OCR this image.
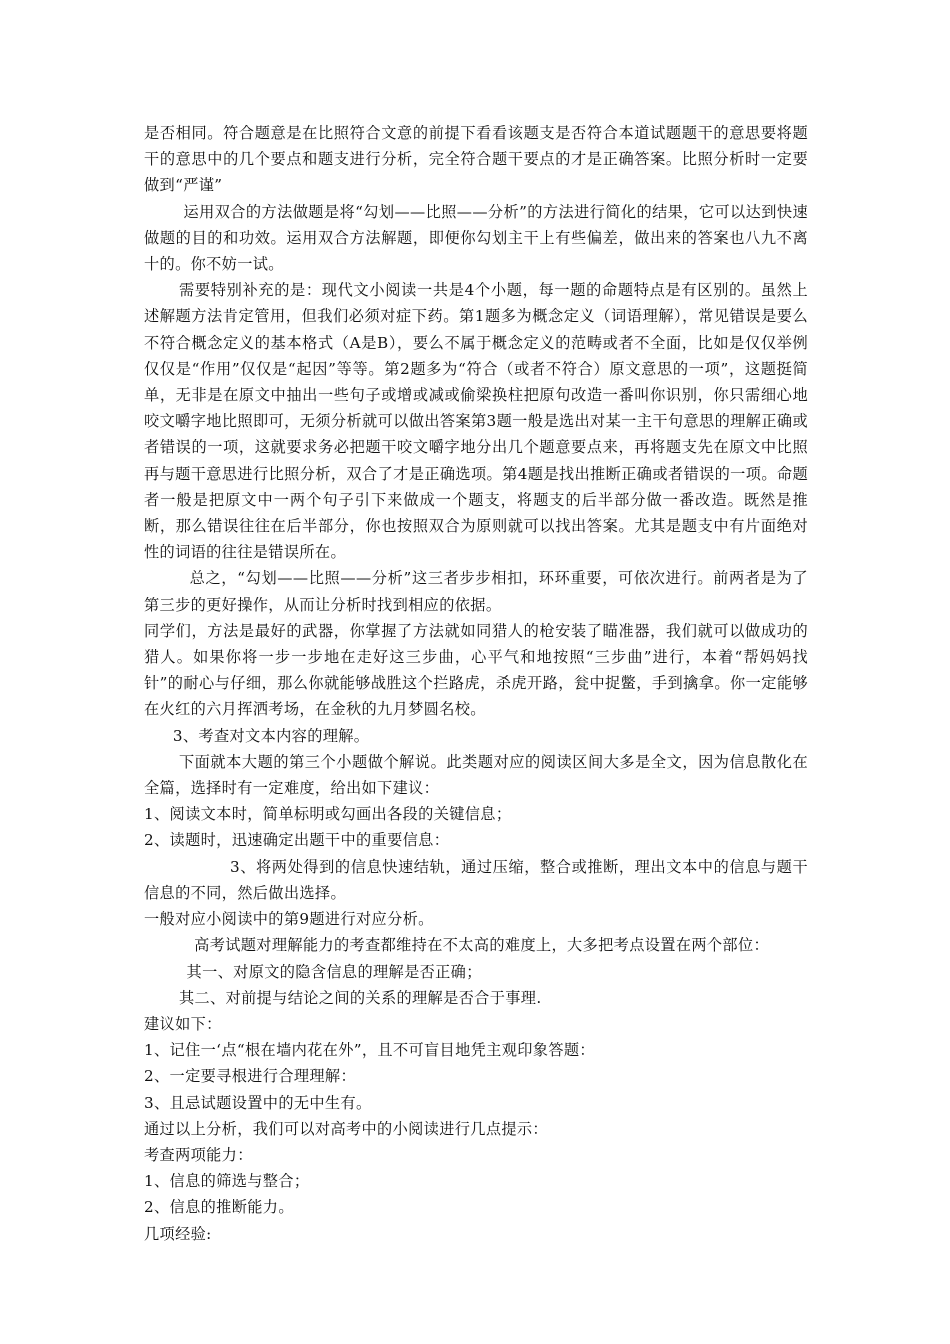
是否相同。符合题意是在比照符合文意的前提下看看该题支是否符合本道试题题干的意思要将题干的意思中的几个要点和题支进行分析，完全符合题干要点的才是正确答案。比照分析时一定要做到“严谨”

运用双合的方法做题是将“勾划——比照——分析”的方法进行简化的结果，它可以达到快速做题的目的和功效。运用双合方法解题，即便你勾划主干上有些偏差，做出来的答案也八九不离十的。你不妨一试。

需要特别补充的是：现代文小阅读一共是4个小题，每一题的命题特点是有区别的。虽然上述解题方法肯定管用，但我们必须对症下药。第1题多为概念定义（词语理解），常见错误是要么不符合概念定义的基本格式（A是B），要么不属于概念定义的范畴或者不全面，比如是仅仅举例仅仅是“作用”仅仅是“起因”等等。第2题多为“符合（或者不符合）原文意思的一项”，这题挺简单，无非是在原文中抽出一些句子或增或减或偷梁换柱把原句改造一番叫你识别，你只需细心地咬文嚼字地比照即可，无须分析就可以做出答案第3题一般是选出对某一主干句意思的理解正确或者错误的一项，这就要求务必把题干咬文嚼字地分出几个题意要点来，再将题支先在原文中比照再与题干意思进行比照分析，双合了才是正确选项。第4题是找出推断正确或者错误的一项。命题者一般是把原文中一两个句子引下来做成一个题支，将题支的后半部分做一番改造。既然是推断，那么错误往往在后半部分，你也按照双合为原则就可以找出答案。尤其是题支中有片面绝对性的词语的往往是错误所在。

总之，“勾划——比照——分析”这三者步步相扣，环环重要，可依次进行。前两者是为了第三步的更好操作，从而让分析时找到相应的依据。

同学们，方法是最好的武器，你掌握了方法就如同猎人的枪安装了瞄准器，我们就可以做成功的猎人。如果你将一步一步地在走好这三步曲，心平气和地按照“三步曲”进行，本着“帮妈妈找针”的耐心与仔细，那么你就能够战胜这个拦路虎，杀虎开路，瓮中捉鳖，手到擒拿。你一定能够在火红的六月挥洒考场，在金秋的九月梦圆名校。

3、考查对文本内容的理解。

下面就本大题的第三个小题做个解说。此类题对应的阅读区间大多是全文，因为信息散化在全篇，选择时有一定难度，给出如下建议：

1、阅读文本时，简单标明或勾画出各段的关键信息；

2、读题时，迅速确定出题干中的重要信息：

3、将两处得到的信息快速结轨，通过压缩，整合或推断，理出文本中的信息与题干信息的不同，然后做出选择。

一般对应小阅读中的第9题进行对应分析。

高考试题对理解能力的考查都维持在不太高的难度上，大多把考点设置在两个部位：

其一、对原文的隐含信息的理解是否正确；

其二、对前提与结论之间的关系的理解是否合于事理.

建议如下：

1、记住一‘点“根在墙内花在外”，且不可盲目地凭主观印象答题：

2、一定要寻根进行合理理解：

3、且忌试题设置中的无中生有。

通过以上分析，我们可以对高考中的小阅读进行几点提示：

考查两项能力：

1、信息的筛选与整合；

2、信息的推断能力。

几项经验:
